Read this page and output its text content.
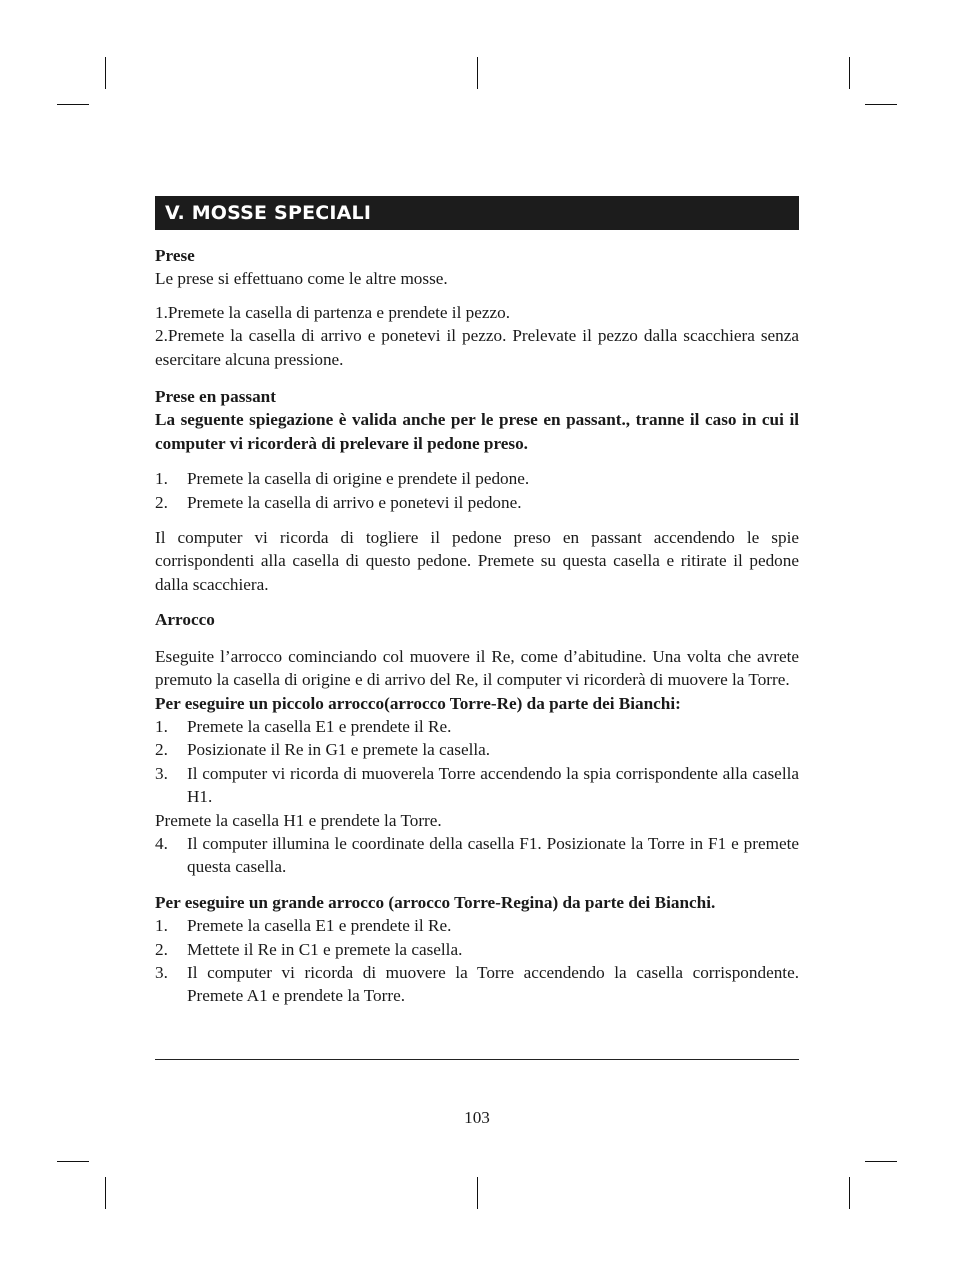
V. MOSSE SPECIALI

Prese

Le prese si effettuano come le altre mosse.

1.Premete la casella di partenza e prendete il pezzo.

2.Premete la casella di arrivo e ponetevi il pezzo. Prelevate il pezzo dalla scacchiera senza esercitare alcuna pressione.

Prese en passant

La seguente spiegazione è valida anche per le prese en passant., tranne il caso in cui il computer vi ricorderà di prelevare il pedone preso.

1.	Premete la casella di origine e prendete il pedone.
2.	Premete la casella di arrivo e ponetevi il pedone.

Il computer vi ricorda di togliere il pedone preso en passant accendendo le spie corrispondenti alla casella di questo pedone. Premete su questa casella e ritirate il pedone dalla scacchiera.

Arrocco

Eseguite l’arrocco cominciando col muovere il Re, come d’abitudine. Una volta che avrete premuto la casella di origine e di arrivo del Re, il computer vi ricorderà di muovere la Torre.

Per eseguire un piccolo arrocco(arrocco Torre-Re) da parte dei Bianchi:

1.	Premete la casella E1 e prendete il Re.
2.	Posizionate il Re in G1 e premete la casella.
3.	Il computer vi ricorda di muoverela Torre accendendo la spia corrispondente alla casella H1.

Premete la casella H1 e prendete la Torre.

4.	Il computer illumina le coordinate della casella F1. Posizionate la Torre in F1 e premete questa casella.

Per eseguire un grande arrocco (arrocco Torre-Regina) da parte dei Bianchi.

1.	Premete la casella E1 e prendete il Re.
2.	Mettete il Re in C1 e premete la casella.
3.	Il computer vi ricorda di muovere la Torre accendendo la casella corrispondente. Premete A1 e prendete la Torre.
103
